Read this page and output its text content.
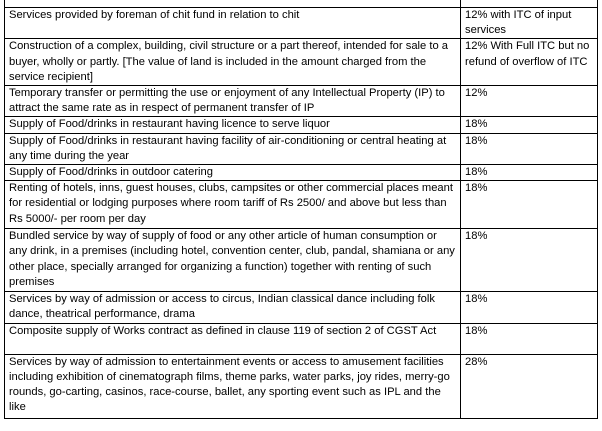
Services provided by foreman of chit fund in relation to chit	12% with ITC of input services

Construction of a complex, building, civil structure or a part thereof, intended for sale to a buyer, wholly or partly. [The value of land is included in the amount charged from the service recipient]	12% With Full ITC but no refund of overflow of ITC

Temporary transfer or permitting the use or enjoyment of any Intellectual Property (IP) to attract the same rate as in respect of permanent transfer of IP	12%

Supply of Food/drinks in restaurant having licence to serve liquor	18%

Supply of Food/drinks in restaurant having facility of air-conditioning or central heating at any time during the year	18%

Supply of Food/drinks in outdoor catering	18%

Renting of hotels, inns, guest houses, clubs, campsites or other commercial places meant for residential or lodging purposes where room tariff of Rs 2500/ and above but less than Rs 5000/- per room per day	18%

Bundled service by way of supply of food or any other article of human consumption or any drink, in a premises (including hotel, convention center, club, pandal, shamiana or any other place, specially arranged for organizing a function) together with renting of such premises	18%

Services by way of admission or access to circus, Indian classical dance including folk dance, theatrical performance, drama	18%

Composite supply of Works contract as defined in clause 119 of section 2 of CGST Act	18%

Services by way of admission to entertainment events or access to amusement facilities including exhibition of cinematograph films, theme parks, water parks, joy rides, merry-go rounds, go-carting, casinos, race-course, ballet, any sporting event such as IPL and the like	28%
